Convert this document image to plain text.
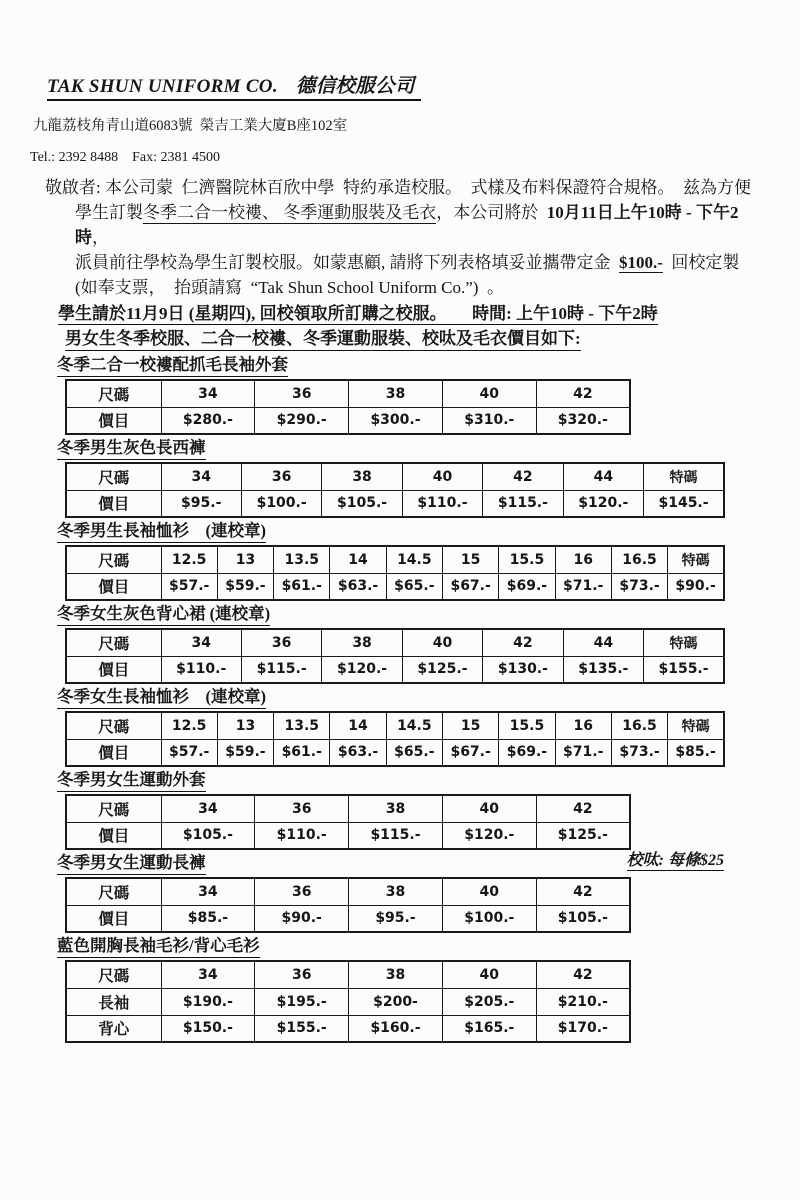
TAK SHUN UNIFORM CO. 德信校服公司
九龍荔枝角青山道6083號  榮吉工業大廈B座102室
Tel.: 2392 8488    Fax: 2381 4500
敬啟者: 本公司蒙  仁濟醫院林百欣中學  特約承造校服。  式樣及布料保證符合規格。  兹為方便
學生訂製冬季二合一校褸、 冬季運動服裝及毛衣，本公司將於  10月11日上午10時 - 下午2時，
派員前往學校為學生訂製校服。如蒙惠顧, 請將下列表格填妥並攜帶定金  $100.-  回校定製
(如奉支票，  抬頭請寫  “Tak Shun School Uniform Co.”)  。
學生請於11月9日 (星期四), 回校領取所訂購之校服。      時間: 上午10時 - 下午2時
男女生冬季校服、二合一校褸、冬季運動服裝、校呔及毛衣價目如下:
冬季二合一校褸配抓毛長袖外套
尺碼	34	36	38	40	42
價目	$280.-	$290.-	$300.-	$310.-	$320.-
冬季男生灰色長西褲
尺碼	34	36	38	40	42	44	特碼
價目	$95.-	$100.-	$105.-	$110.-	$115.-	$120.-	$145.-
冬季男生長袖恤衫　(連校章)
尺碼	12.5	13	13.5	14	14.5	15	15.5	16	16.5	特碼
價目	$57.-	$59.-	$61.-	$63.-	$65.-	$67.-	$69.-	$71.-	$73.-	$90.-
冬季女生灰色背心裙 (連校章)
尺碼	34	36	38	40	42	44	特碼
價目	$110.-	$115.-	$120.-	$125.-	$130.-	$135.-	$155.-
冬季女生長袖恤衫　(連校章)
尺碼	12.5	13	13.5	14	14.5	15	15.5	16	16.5	特碼
價目	$57.-	$59.-	$61.-	$63.-	$65.-	$67.-	$69.-	$71.-	$73.-	$85.-
冬季男女生運動外套
尺碼	34	36	38	40	42
價目	$105.-	$110.-	$115.-	$120.-	$125.-
冬季男女生運動長褲	校呔: 每條$25
尺碼	34	36	38	40	42
價目	$85.-	$90.-	$95.-	$100.-	$105.-
藍色開胸長袖毛衫/背心毛衫
尺碼	34	36	38	40	42
長袖	$190.-	$195.-	$200-	$205.-	$210.-
背心	$150.-	$155.-	$160.-	$165.-	$170.-
